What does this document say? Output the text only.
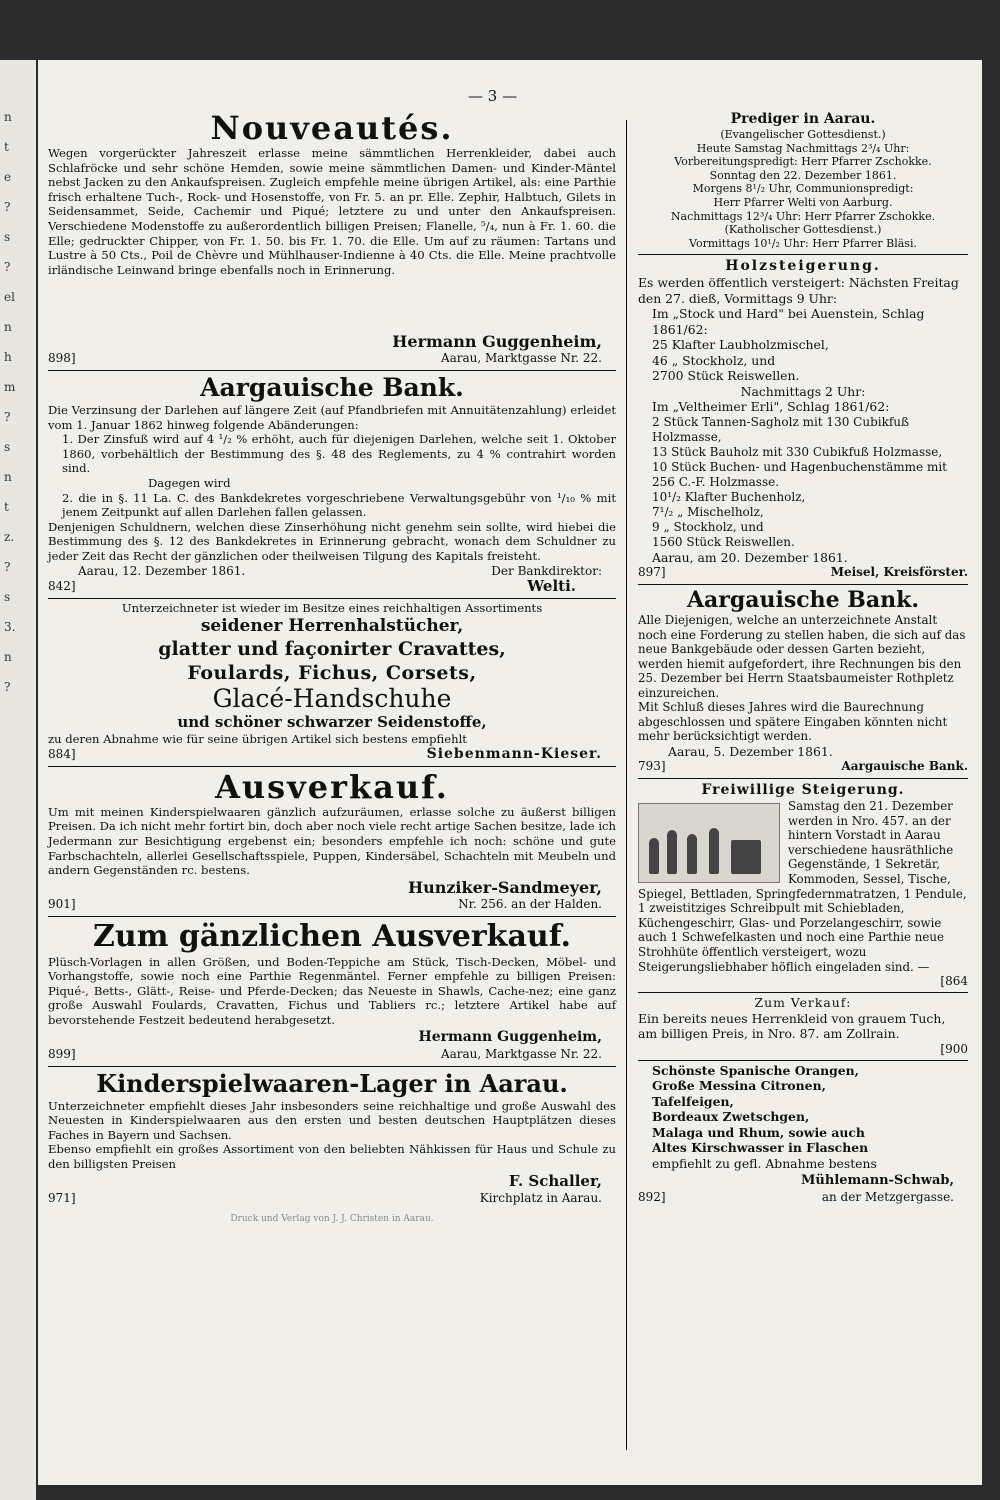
n
t
e
?
s
?
el
n
h
m
?
s
n
t
z.
?
s
3.
n
?
— 3 —
Nouveautés.
Wegen vorgerückter Jahreszeit erlasse meine sämmtlichen Herrenkleider, dabei auch Schlafröcke und sehr schöne Hemden, sowie meine sämmtlichen Damen- und Kinder-Mäntel nebst Jacken zu den Ankaufspreisen. Zugleich empfehle meine übrigen Artikel, als: eine Parthie frisch erhaltene Tuch-, Rock- und Hosenstoffe, von Fr. 5. an pr. Elle. Zephir, Halbtuch, Gilets in Seidensammet, Seide, Cachemir und Piqué; letztere zu und unter den Ankaufspreisen. Verschiedene Modenstoffe zu außerordentlich billigen Preisen; Flanelle, ⁵/₄, nun à Fr. 1. 60. die Elle; gedruckter Chipper, von Fr. 1. 50. bis Fr. 1. 70. die Elle. Um auf zu räumen: Tartans und Lustre à 50 Cts., Poil de Chèvre und Mühlhauser-Indienne à 40 Cts. die Elle. Meine prachtvolle irländische Leinwand bringe ebenfalls noch in Erinnerung.
Hermann Guggenheim,
898]	Aarau, Marktgasse Nr. 22.
Aargauische Bank.
Die Verzinsung der Darlehen auf längere Zeit (auf Pfandbriefen mit Annuitätenzahlung) erleidet vom 1. Januar 1862 hinweg folgende Abänderungen:
1. Der Zinsfuß wird auf 4 ¹/₂ % erhöht, auch für diejenigen Darlehen, welche seit 1. Oktober 1860, vorbehältlich der Bestimmung des §. 48 des Reglements, zu 4 % contrahirt worden sind.
Dagegen wird
2. die in §. 11 La. C. des Bankdekretes vorgeschriebene Verwaltungsgebühr von ¹/₁₀ % mit jenem Zeitpunkt auf allen Darlehen fallen gelassen.
Denjenigen Schuldnern, welchen diese Zinserhöhung nicht genehm sein sollte, wird hiebei die Bestimmung des §. 12 des Bankdekretes in Erinnerung gebracht, wonach dem Schuldner zu jeder Zeit das Recht der gänzlichen oder theilweisen Tilgung des Kapitals freisteht.
Aarau, 12. Dezember 1861.	Der Bankdirektor:
842]	Welti.
Unterzeichneter ist wieder im Besitze eines reichhaltigen Assortiments
seidener Herrenhalstücher,
glatter und façonirter Cravattes,
Foulards, Fichus, Corsets,
Glacé-Handschuhe
und schöner schwarzer Seidenstoffe,
zu deren Abnahme wie für seine übrigen Artikel sich bestens empfiehlt
884]	Siebenmann-Kieser.
Ausverkauf.
Um mit meinen Kinderspielwaaren gänzlich aufzuräumen, erlasse solche zu äußerst billigen Preisen. Da ich nicht mehr fortirt bin, doch aber noch viele recht artige Sachen besitze, lade ich Jedermann zur Besichtigung ergebenst ein; besonders empfehle ich noch: schöne und gute Farbschachteln, allerlei Gesellschaftsspiele, Puppen, Kindersäbel, Schachteln mit Meubeln und andern Gegenständen rc. bestens.
Hunziker-Sandmeyer,
901]	Nr. 256. an der Halden.
Zum gänzlichen Ausverkauf.
Plüsch-Vorlagen in allen Größen, und Boden-Teppiche am Stück, Tisch-Decken, Möbel- und Vorhangstoffe, sowie noch eine Parthie Regenmäntel. Ferner empfehle zu billigen Preisen: Piqué-, Betts-, Glätt-, Reise- und Pferde-Decken; das Neueste in Shawls, Cache-nez; eine ganz große Auswahl Foulards, Cravatten, Fichus und Tabliers rc.; letztere Artikel habe auf bevorstehende Festzeit bedeutend herabgesetzt.
Hermann Guggenheim,
899]	Aarau, Marktgasse Nr. 22.
Kinderspielwaaren-Lager in Aarau.
Unterzeichneter empfiehlt dieses Jahr insbesonders seine reichhaltige und große Auswahl des Neuesten in Kinderspielwaaren aus den ersten und besten deutschen Hauptplätzen dieses Faches in Bayern und Sachsen.
Ebenso empfiehlt ein großes Assortiment von den beliebten Nähkissen für Haus und Schule zu den billigsten Preisen
F. Schaller,
971]	Kirchplatz in Aarau.
Druck und Verlag von J. J. Christen in Aarau.
Prediger in Aarau.
(Evangelischer Gottesdienst.)
Heute Samstag Nachmittags 2³/₄ Uhr:
Vorbereitungspredigt: Herr Pfarrer Zschokke.
Sonntag den 22. Dezember 1861.
Morgens 8¹/₂ Uhr, Communionspredigt:
Herr Pfarrer Welti von Aarburg.
Nachmittags 12³/₄ Uhr: Herr Pfarrer Zschokke.
(Katholischer Gottesdienst.)
Vormittags 10¹/₂ Uhr: Herr Pfarrer Bläsi.
Holzsteigerung.
Es werden öffentlich versteigert: Nächsten Freitag den 27. dieß, Vormittags 9 Uhr:
Im „Stock und Hard" bei Auenstein, Schlag 1861/62:
25 Klafter Laubholzmischel,
46 „ Stockholz, und
2700 Stück Reiswellen.
Nachmittags 2 Uhr:
Im „Veltheimer Erli", Schlag 1861/62:
2 Stück Tannen-Sagholz mit 130 Cubikfuß Holzmasse,
13 Stück Bauholz mit 330 Cubikfuß Holzmasse,
10 Stück Buchen- und Hagenbuchenstämme mit 256 C.-F. Holzmasse.
10¹/₂ Klafter Buchenholz,
7¹/₂ „ Mischelholz,
9 „ Stockholz, und
1560 Stück Reiswellen.
Aarau, am 20. Dezember 1861.
897]	Meisel, Kreisförster.
Aargauische Bank.
Alle Diejenigen, welche an unterzeichnete Anstalt noch eine Forderung zu stellen haben, die sich auf das neue Bankgebäude oder dessen Garten bezieht, werden hiemit aufgefordert, ihre Rechnungen bis den 25. Dezember bei Herrn Staatsbaumeister Rothpletz einzureichen.
Mit Schluß dieses Jahres wird die Baurechnung abgeschlossen und spätere Eingaben könnten nicht mehr berücksichtigt werden.
Aarau, 5. Dezember 1861.
793]	Aargauische Bank.
Freiwillige Steigerung.
Samstag den 21. Dezember werden in Nro. 457. an der hintern Vorstadt in Aarau verschiedene hausräthliche Gegenstände, 1 Sekretär, Kommoden, Sessel, Tische, Spiegel, Bettladen, Springfedernmatratzen, 1 Pendule, 1 zweistitziges Schreibpult mit Schiebladen, Küchengeschirr, Glas- und Porzelangeschirr, sowie auch 1 Schwefelkasten und noch eine Parthie neue Strohhüte öffentlich versteigert, wozu Steigerungsliebhaber höflich eingeladen sind. —
[864
Zum Verkauf:
Ein bereits neues Herrenkleid von grauem Tuch, am billigen Preis, in Nro. 87. am Zollrain.
[900
Schönste Spanische Orangen,
Große Messina Citronen,
Tafelfeigen,
Bordeaux Zwetschgen,
Malaga und Rhum, sowie auch
Altes Kirschwasser in Flaschen
empfiehlt zu gefl. Abnahme bestens
Mühlemann-Schwab,
892]	an der Metzgergasse.
